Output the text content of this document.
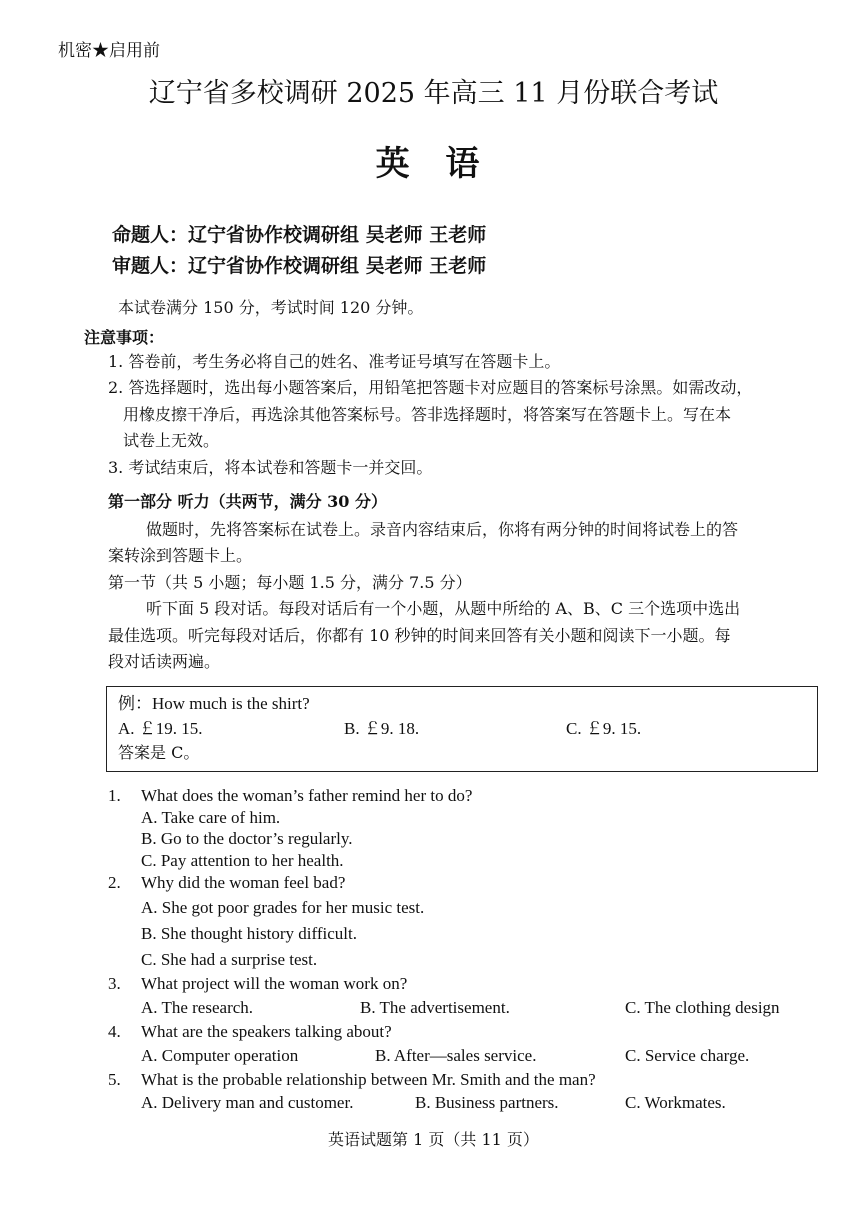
机密★启用前
辽宁省多校调研 2025 年高三 11 月份联合考试
英 语
命题人：辽宁省协作校调研组 吴老师 王老师
审题人：辽宁省协作校调研组 吴老师 王老师
本试卷满分 150 分，考试时间 120 分钟。
注意事项：
1. 答卷前，考生务必将自己的姓名、准考证号填写在答题卡上。
2. 答选择题时，选出每小题答案后，用铅笔把答题卡对应题目的答案标号涂黑。如需改动，
用橡皮擦干净后，再选涂其他答案标号。答非选择题时，将答案写在答题卡上。写在本
试卷上无效。
3. 考试结束后，将本试卷和答题卡一并交回。
第一部分 听力（共两节，满分 30 分）
做题时，先将答案标在试卷上。录音内容结束后，你将有两分钟的时间将试卷上的答
案转涂到答题卡上。
第一节（共 5 小题；每小题 1.5 分，满分 7.5 分）
听下面 5 段对话。每段对话后有一个小题，从题中所给的 A、B、C 三个选项中选出
最佳选项。听完每段对话后，你都有 10 秒钟的时间来回答有关小题和阅读下一小题。每
段对话读两遍。
例：How much is the shirt?
A. ￡19. 15.	B. ￡9. 18.	C. ￡9. 15.
答案是 C。
1. What does the woman’s father remind her to do?
A. Take care of him.
B. Go to the doctor’s regularly.
C. Pay attention to her health.
2. Why did the woman feel bad?
A. She got poor grades for her music test.
B. She thought history difficult.
C. She had a surprise test.
3. What project will the woman work on?
A. The research.	B. The advertisement.	C. The clothing design
4. What are the speakers talking about?
A. Computer operation	B. After—sales service.	C. Service charge.
5. What is the probable relationship between Mr. Smith and the man?
A. Delivery man and customer.	B. Business partners.	C. Workmates.
英语试题第 1 页（共 11 页）
